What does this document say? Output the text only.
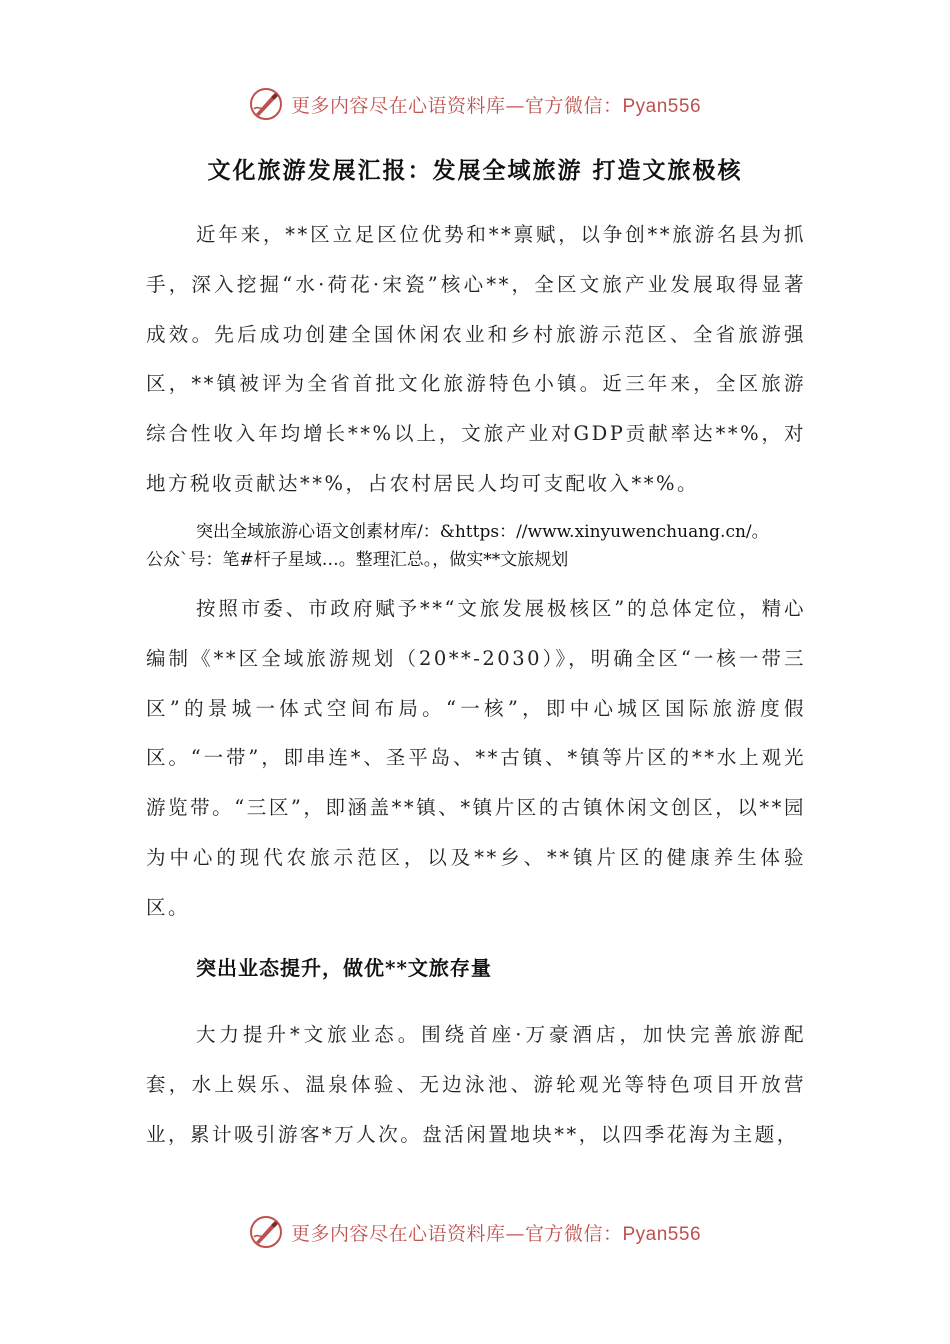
更多内容尽在心语资料库—官方微信：Pyan556
文化旅游发展汇报：发展全域旅游 打造文旅极核
近年来，**区立足区位优势和**禀赋，以争创**旅游名县为抓手，深入挖掘“水·荷花·宋瓷”核心**，全区文旅产业发展取得显著成效。先后成功创建全国休闲农业和乡村旅游示范区、全省旅游强区，**镇被评为全省首批文化旅游特色小镇。近三年来，全区旅游综合性收入年均增长**%以上，文旅产业对GDP贡献率达**%，对地方税收贡献达**%，占农村居民人均可支配收入**%。
突出全域旅游心语文创素材库/：&https：//www.xinyuwenchuang.cn/。
公众`号：笔#杆子星域…。整理汇总。，做实**文旅规划
按照市委、市政府赋予**“文旅发展极核区”的总体定位，精心编制《**区全域旅游规划（20**-2030）》，明确全区“一核一带三区”的景城一体式空间布局。“一核”，即中心城区国际旅游度假区。“一带”，即串连*、圣平岛、**古镇、*镇等片区的**水上观光游览带。“三区”，即涵盖**镇、*镇片区的古镇休闲文创区，以**园为中心的现代农旅示范区，以及**乡、**镇片区的健康养生体验区。
突出业态提升，做优**文旅存量
大力提升*文旅业态。围绕首座·万豪酒店，加快完善旅游配套，水上娱乐、温泉体验、无边泳池、游轮观光等特色项目开放营业，累计吸引游客*万人次。盘活闲置地块**，以四季花海为主题，
更多内容尽在心语资料库—官方微信：Pyan556
